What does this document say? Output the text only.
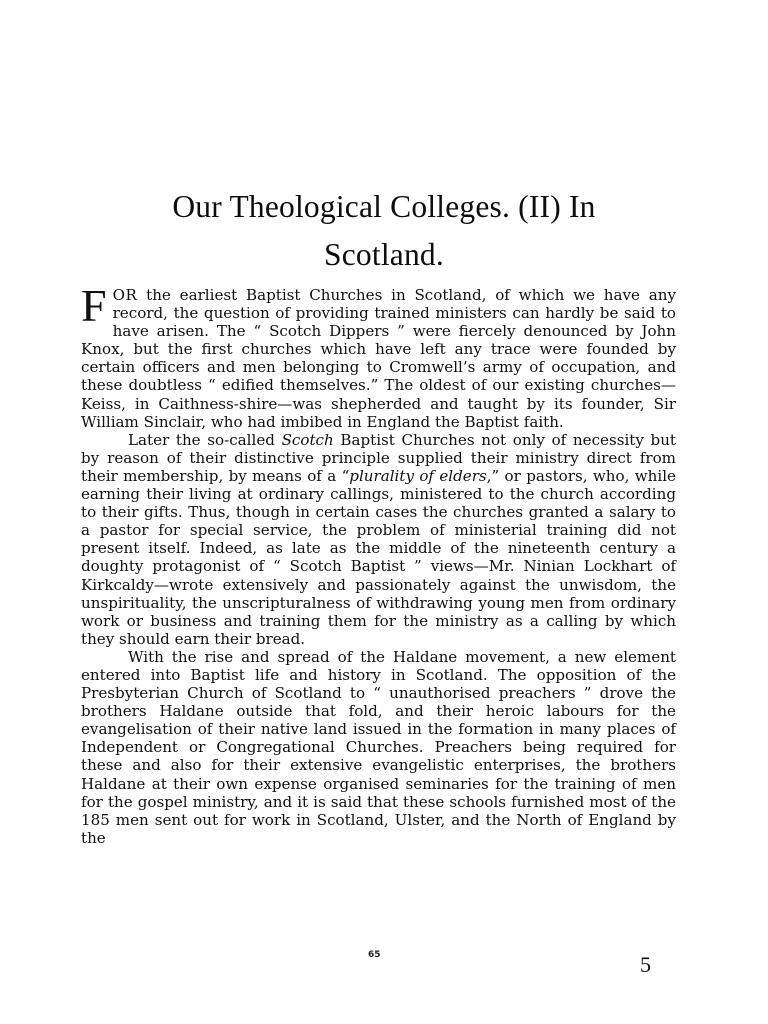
Our Theological Colleges. (II) In
Scotland.

FOR the earliest Baptist Churches in Scotland, of which we have any record, the question of providing trained ministers can hardly be said to have arisen. The “ Scotch Dippers ” were fiercely denounced by John Knox, but the first churches which have left any trace were founded by certain officers and men belonging to Cromwell’s army of occupation, and these doubtless “ edified themselves.” The oldest of our existing churches—Keiss, in Caithness-shire—was shepherded and taught by its founder, Sir William Sinclair, who had imbibed in England the Baptist faith.

Later the so-called Scotch Baptist Churches not only of necessity but by reason of their distinctive principle supplied their ministry direct from their membership, by means of a “plurality of elders,” or pastors, who, while earning their living at ordinary callings, ministered to the church according to their gifts. Thus, though in certain cases the churches granted a salary to a pastor for special service, the problem of ministerial training did not present itself. Indeed, as late as the middle of the nineteenth century a doughty protagonist of “ Scotch Baptist ” views—Mr. Ninian Lockhart of Kirkcaldy—wrote extensively and passionately against the unwisdom, the unspirituality, the unscripturalness of withdrawing young men from ordinary work or business and training them for the ministry as a calling by which they should earn their bread.

With the rise and spread of the Haldane movement, a new element entered into Baptist life and history in Scotland. The opposition of the Presbyterian Church of Scotland to “ unauthorised preachers ” drove the brothers Haldane outside that fold, and their heroic labours for the evangelisation of their native land issued in the formation in many places of Independent or Congregational Churches. Preachers being required for these and also for their extensive evangelistic enterprises, the brothers Haldane at their own expense organised seminaries for the training of men for the gospel ministry, and it is said that these schools furnished most of the 185 men sent out for work in Scotland, Ulster, and the North of England by the

65	5
